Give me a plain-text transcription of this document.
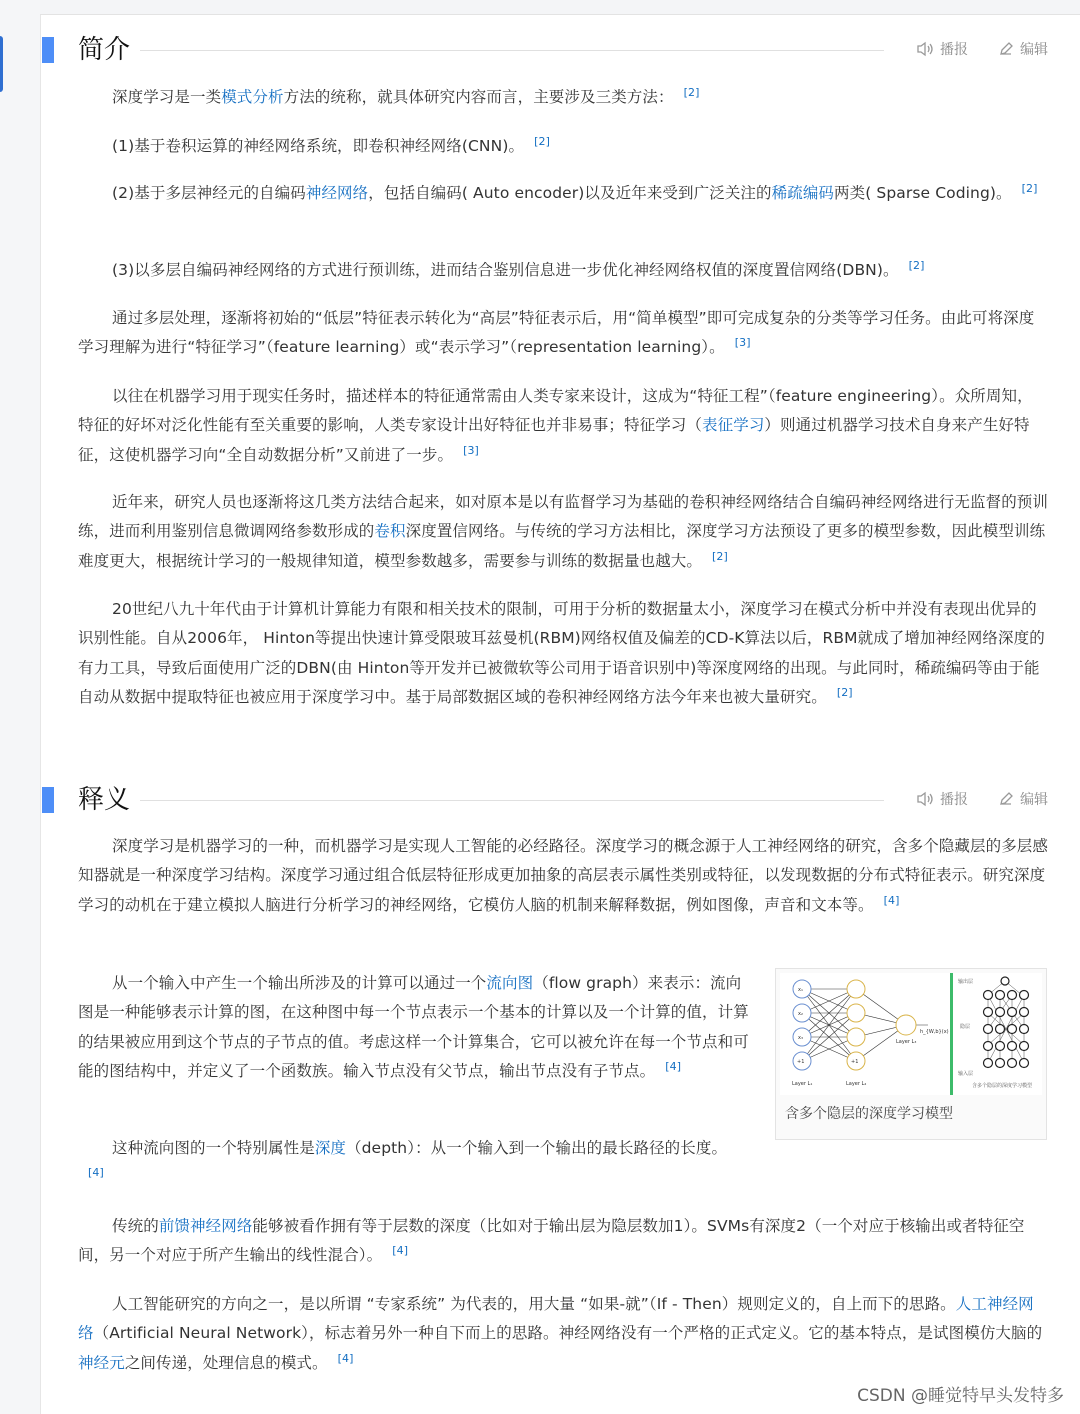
简介	播报	编辑

深度学习是一类模式分析方法的统称，就具体研究内容而言，主要涉及三类方法： [2]

(1)基于卷积运算的神经网络系统，即卷积神经网络(CNN)。 [2]

(2)基于多层神经元的自编码神经网络，包括自编码( Auto encoder)以及近年来受到广泛关注的稀疏编码两类( Sparse Coding)。 [2]

(3)以多层自编码神经网络的方式进行预训练，进而结合鉴别信息进一步优化神经网络权值的深度置信网络(DBN)。 [2]

通过多层处理，逐渐将初始的“低层”特征表示转化为“高层”特征表示后，用“简单模型”即可完成复杂的分类等学习任务。由此可将深度学习理解为进行“特征学习”（feature learning）或“表示学习”（representation learning）。 [3]

以往在机器学习用于现实任务时，描述样本的特征通常需由人类专家来设计，这成为“特征工程”（feature engineering）。众所周知，特征的好坏对泛化性能有至关重要的影响，人类专家设计出好特征也并非易事；特征学习（表征学习）则通过机器学习技术自身来产生好特征，这使机器学习向“全自动数据分析”又前进了一步。 [3]

近年来，研究人员也逐渐将这几类方法结合起来，如对原本是以有监督学习为基础的卷积神经网络结合自编码神经网络进行无监督的预训练，进而利用鉴别信息微调网络参数形成的卷积深度置信网络。与传统的学习方法相比，深度学习方法预设了更多的模型参数，因此模型训练难度更大，根据统计学习的一般规律知道，模型参数越多，需要参与训练的数据量也越大。 [2]

20世纪八九十年代由于计算机计算能力有限和相关技术的限制，可用于分析的数据量太小，深度学习在模式分析中并没有表现出优异的识别性能。自从2006年， Hinton等提出快速计算受限玻耳兹曼机(RBM)网络权值及偏差的CD-K算法以后，RBM就成了增加神经网络深度的有力工具，导致后面使用广泛的DBN(由 Hinton等开发并已被微软等公司用于语音识别中)等深度网络的出现。与此同时，稀疏编码等由于能自动从数据中提取特征也被应用于深度学习中。基于局部数据区域的卷积神经网络方法今年来也被大量研究。 [2]

释义	播报	编辑

深度学习是机器学习的一种，而机器学习是实现人工智能的必经路径。深度学习的概念源于人工神经网络的研究，含多个隐藏层的多层感知器就是一种深度学习结构。深度学习通过组合低层特征形成更加抽象的高层表示属性类别或特征，以发现数据的分布式特征表示。研究深度学习的动机在于建立模拟人脑进行分析学习的神经网络，它模仿人脑的机制来解释数据，例如图像，声音和文本等。 [4]

从一个输入中产生一个输出所涉及的计算可以通过一个流向图（flow graph）来表示：流向图是一种能够表示计算的图，在这种图中每一个节点表示一个基本的计算以及一个计算的值，计算的结果被应用到这个节点的子节点的值。考虑这样一个计算集合，它可以被允许在每一个节点和可能的图结构中，并定义了一个函数族。输入节点没有父节点，输出节点没有子节点。 [4]

这种流向图的一个特别属性是深度（depth）：从一个输入到一个输出的最长路径的长度。[4]

传统的前馈神经网络能够被看作拥有等于层数的深度（比如对于输出层为隐层数加1）。SVMs有深度2（一个对应于核输出或者特征空间，另一个对应于所产生输出的线性混合）。 [4]

人工智能研究的方向之一，是以所谓 “专家系统” 为代表的，用大量 “如果-就”（If - Then）规则定义的，自上而下的思路。人工神经网络（Artificial Neural Network），标志着另外一种自下而上的思路。神经网络没有一个严格的正式定义。它的基本特点，是试图模仿大脑的神经元之间传递，处理信息的模式。 [4]

x₁
x₂
x₃
+1	+1
Layer L₁	Layer L₂
Layer L₃
h_{W,b}(x)
输出层
隐层
输入层
含多个隐层的深度学习模型
含多个隐层的深度学习模型
CSDN @睡觉特早头发特多
